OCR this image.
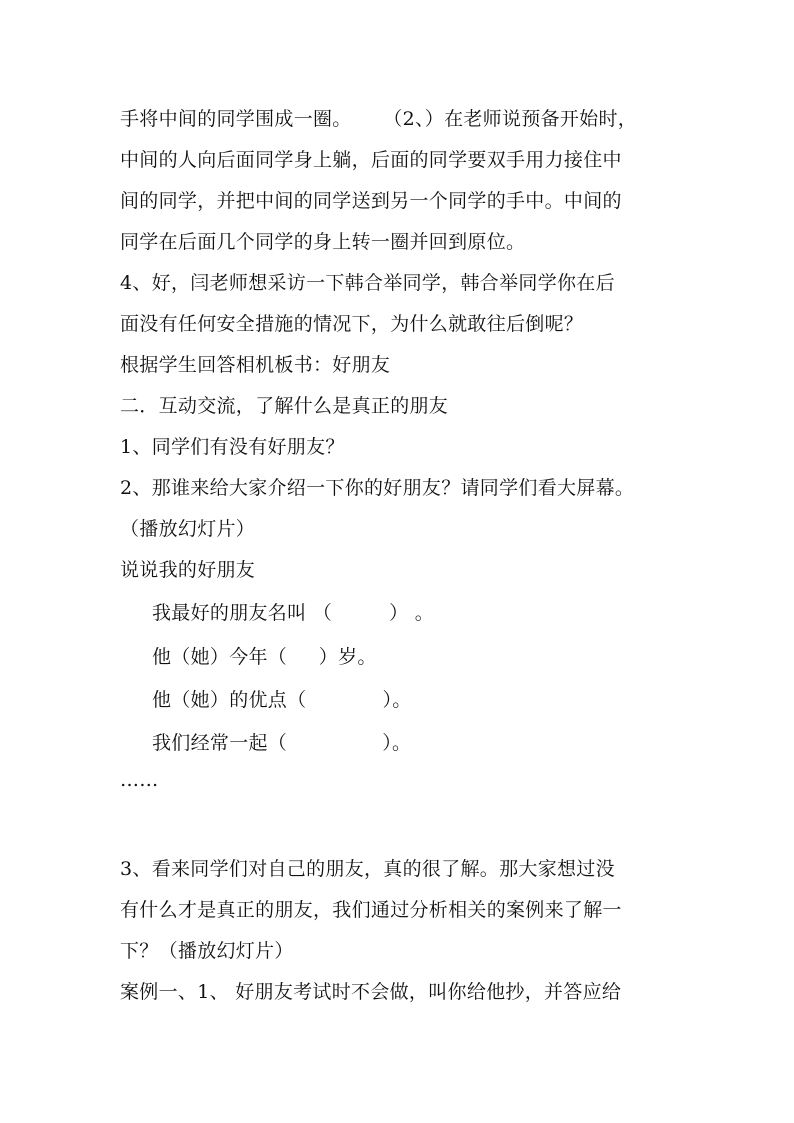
手将中间的同学围成一圈。     （2、）在老师说预备开始时，
中间的人向后面同学身上躺，后面的同学要双手用力接住中
间的同学，并把中间的同学送到另一个同学的手中。中间的
同学在后面几个同学的身上转一圈并回到原位。
4、好，闫老师想采访一下韩合举同学，韩合举同学你在后
面没有任何安全措施的情况下，为什么就敢往后倒呢？
根据学生回答相机板书：好朋友
二．互动交流，了解什么是真正的朋友
1、同学们有没有好朋友？
2、那谁来给大家介绍一下你的好朋友？请同学们看大屏幕。
（播放幻灯片）
说说我的好朋友
我最好的朋友名叫 （         ） 。
他（她）今年（     ）岁。
他（她）的优点（            ）。
我们经常一起（               ）。
……
3、看来同学们对自己的朋友，真的很了解。那大家想过没
有什么才是真正的朋友，我们通过分析相关的案例来了解一
下？（播放幻灯片）
案例一、1、 好朋友考试时不会做，叫你给他抄，并答应给
